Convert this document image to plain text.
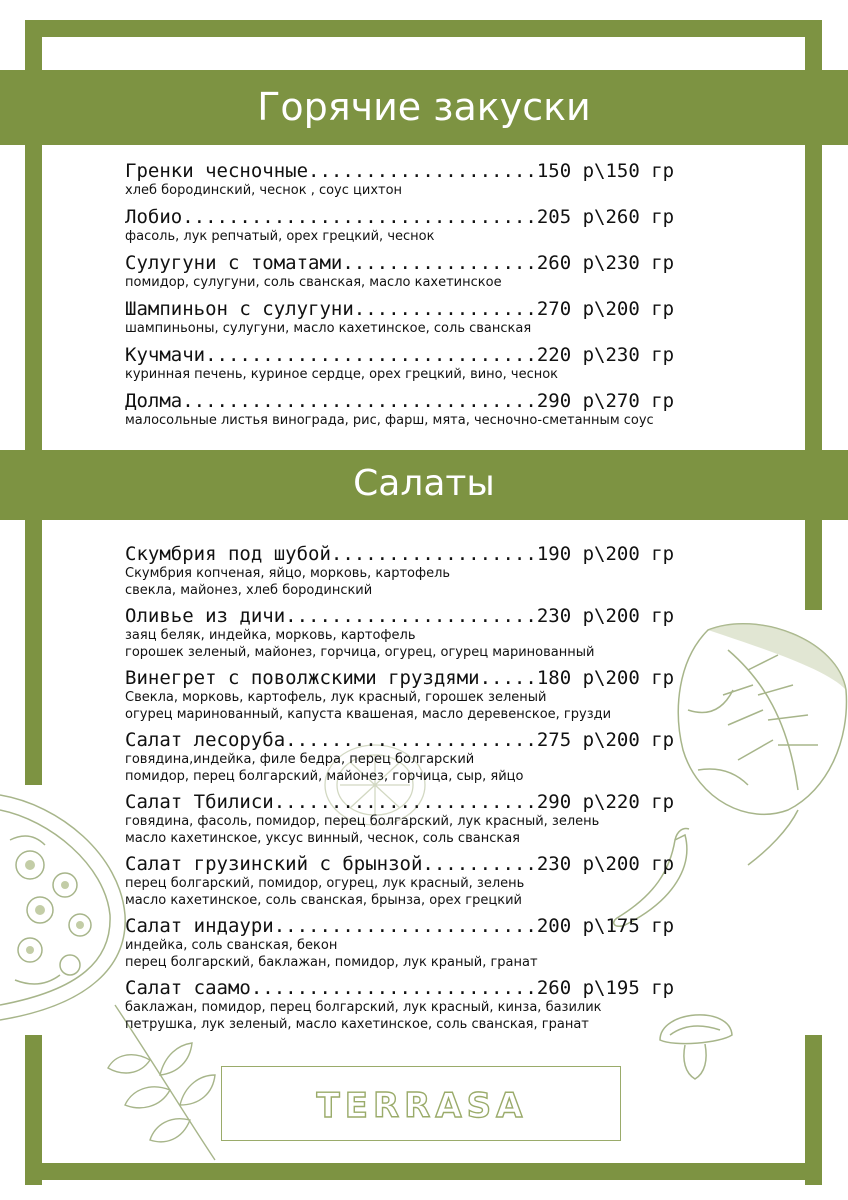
Горячие закуски
Салаты
Гренки чесночные....................150 р\150 гр
хлеб бородинский, чеснок , соус цихтон
Лобио...............................205 р\260 гр
фасоль, лук репчатый, орех грецкий, чеснок
Сулугуни с томатами.................260 р\230 гр
помидор, сулугуни, соль сванская, масло кахетинское
Шампиньон с сулугуни................270 р\200 гр
шампиньоны, сулугуни, масло кахетинское, соль сванская
Кучмачи.............................220 р\230 гр
куринная печень, куриное сердце, орех грецкий, вино, чеснок
Долма...............................290 р\270 гр
малосольные листья винограда, рис, фарш, мята, чесночно-сметанным соус
Скумбрия под шубой..................190 р\200 гр
Скумбрия копченая, яйцо, морковь, картофель
свекла, майонез, хлеб бородинский
Оливье из дичи......................230 р\200 гр
заяц беляк, индейка, морковь, картофель
горошек зеленый, майонез, горчица, огурец, огурец маринованный
Винегрет с поволжскими груздями.....180 р\200 гр
Свекла, морковь, картофель, лук красный, горошек зеленый
огурец маринованный, капуста квашеная, масло деревенское, грузди
Салат лесоруба......................275 р\200 гр
говядина,индейка, филе бедра, перец болгарский
помидор, перец болгарский, майонез, горчица, сыр, яйцо
Салат Тбилиси.......................290 р\220 гр
говядина, фасоль, помидор, перец болгарский, лук красный, зелень
масло кахетинское, уксус винный, чеснок, соль сванская
Салат грузинский с брынзой..........230 р\200 гр
перец болгарский, помидор, огурец, лук красный, зелень
масло кахетинское, соль сванская, брынза, орех грецкий
Салат индаури.......................200 р\175 гр
индейка, соль сванская, бекон
перец болгарский, баклажан, помидор, лук краный, гранат
Салат саамо.........................260 р\195 гр
баклажан, помидор, перец болгарский, лук красный, кинза, базилик
петрушка, лук зеленый, масло кахетинское, соль сванская, гранат
TERRASA
